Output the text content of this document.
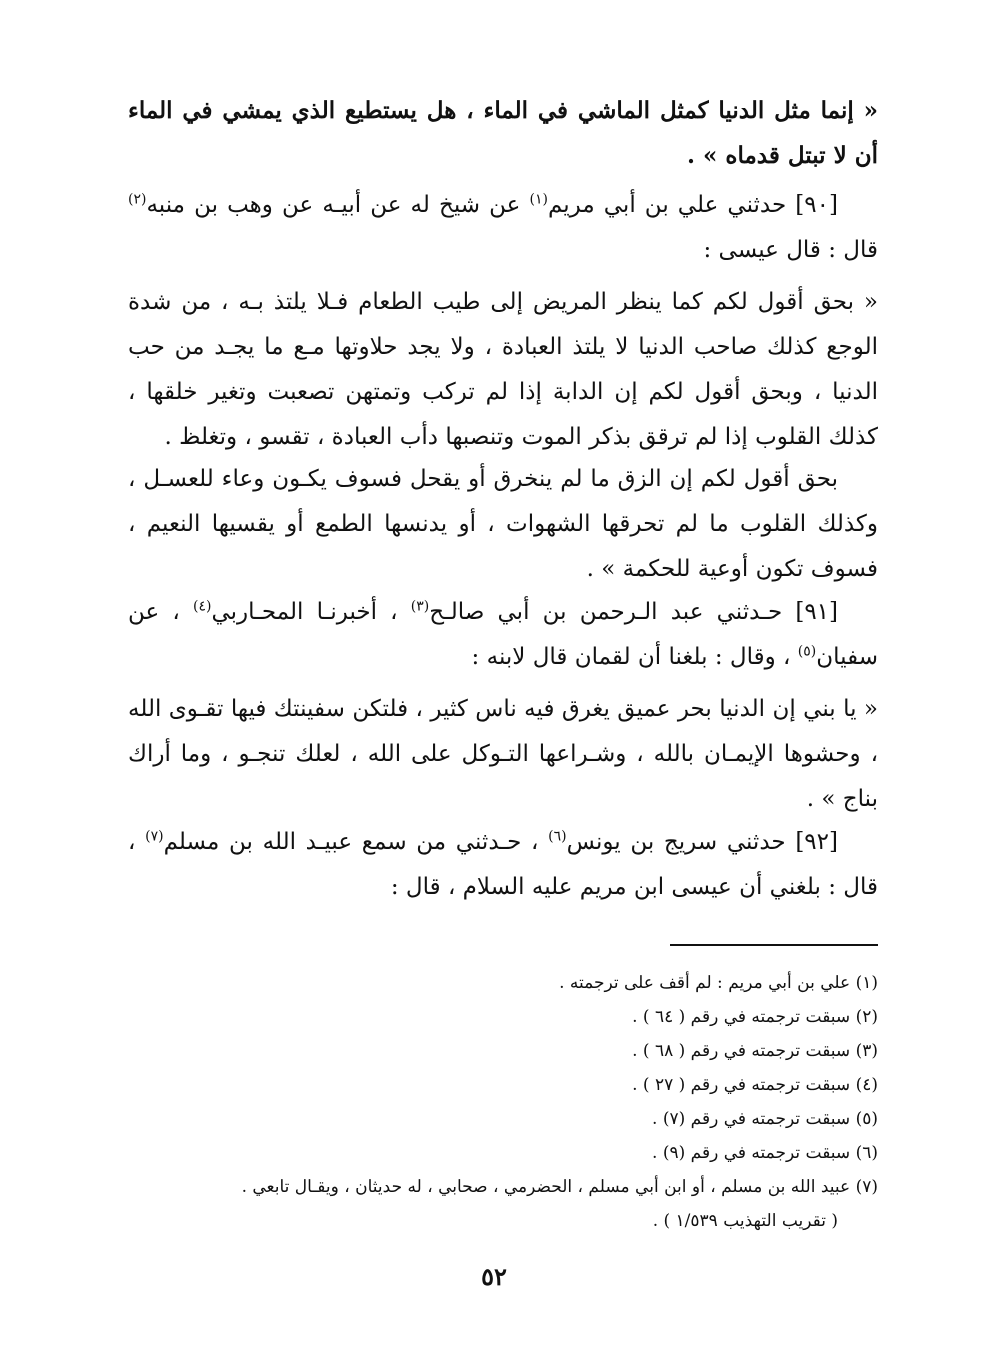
« إنما مثل الدنيا كمثل الماشي في الماء ، هل يستطيع الذي يمشي في الماء أن لا تبتل قدماه » .
[٩٠] حدثني علي بن أبي مريم$^{(١)}$ عن شيخ له عن أبيـه عن وهب بن منبه$^{(٢)}$ قال : قال عيسى :
« بحق أقول لكم كما ينظر المريض إلى طيب الطعام فـلا يلتذ بـه ، من شدة الوجع كذلك صاحب الدنيا لا يلتذ العبادة ، ولا يجد حلاوتها مـع ما يجـد من حب الدنيا ، وبحق أقول لكم إن الدابة إذا لم تركب وتمتهن تصعبت وتغير خلقها ، كذلك القلوب إذا لم ترقق بذكر الموت وتنصبها دأب العبادة ، تقسو ، وتغلظ .
بحق أقول لكم إن الزق ما لم ينخرق أو يقحل فسوف يكـون وعاء للعسـل ، وكذلك القلوب ما لم تحرقها الشهوات ، أو يدنسها الطمع أو يقسيها النعيم ، فسوف تكون أوعية للحكمة » .
[٩١] حـدثني عبد الـرحمن بن أبي صالـح$^{(٣)}$ ، أخبرنـا المحـاربي$^{(٤)}$ ، عن سفيان$^{(٥)}$ ، وقال : بلغنا أن لقمان قال لابنه :
« يا بني إن الدنيا بحر عميق يغرق فيه ناس كثير ، فلتكن سفينتك فيها تقـوى الله ، وحشوها الإيمـان بالله ، وشـراعها التـوكل على الله ، لعلك تنجـو ، وما أراك بناج » .
[٩٢] حدثني سريج بن يونس$^{(٦)}$ ، حـدثني من سمع عبيـد الله بن مسلم$^{(٧)}$ ، قال : بلغني أن عيسى ابن مريم عليه السلام ، قال :

(١) علي بن أبي مريم : لم أقف على ترجمته .

(٢) سبقت ترجمته في رقم ( ٦٤ ) .

(٣) سبقت ترجمته في رقم ( ٦٨ ) .

(٤) سبقت ترجمته في رقم ( ٢٧ ) .

(٥) سبقت ترجمته في رقم (٧) .

(٦) سبقت ترجمته في رقم (٩) .

(٧) عبيد الله بن مسلم ، أو ابن أبي مسلم ، الحضرمي ، صحابي ، له حديثان ، ويقـال تابعي .

( تقريب التهذيب ١/٥٣٩ ) .

٥٢
